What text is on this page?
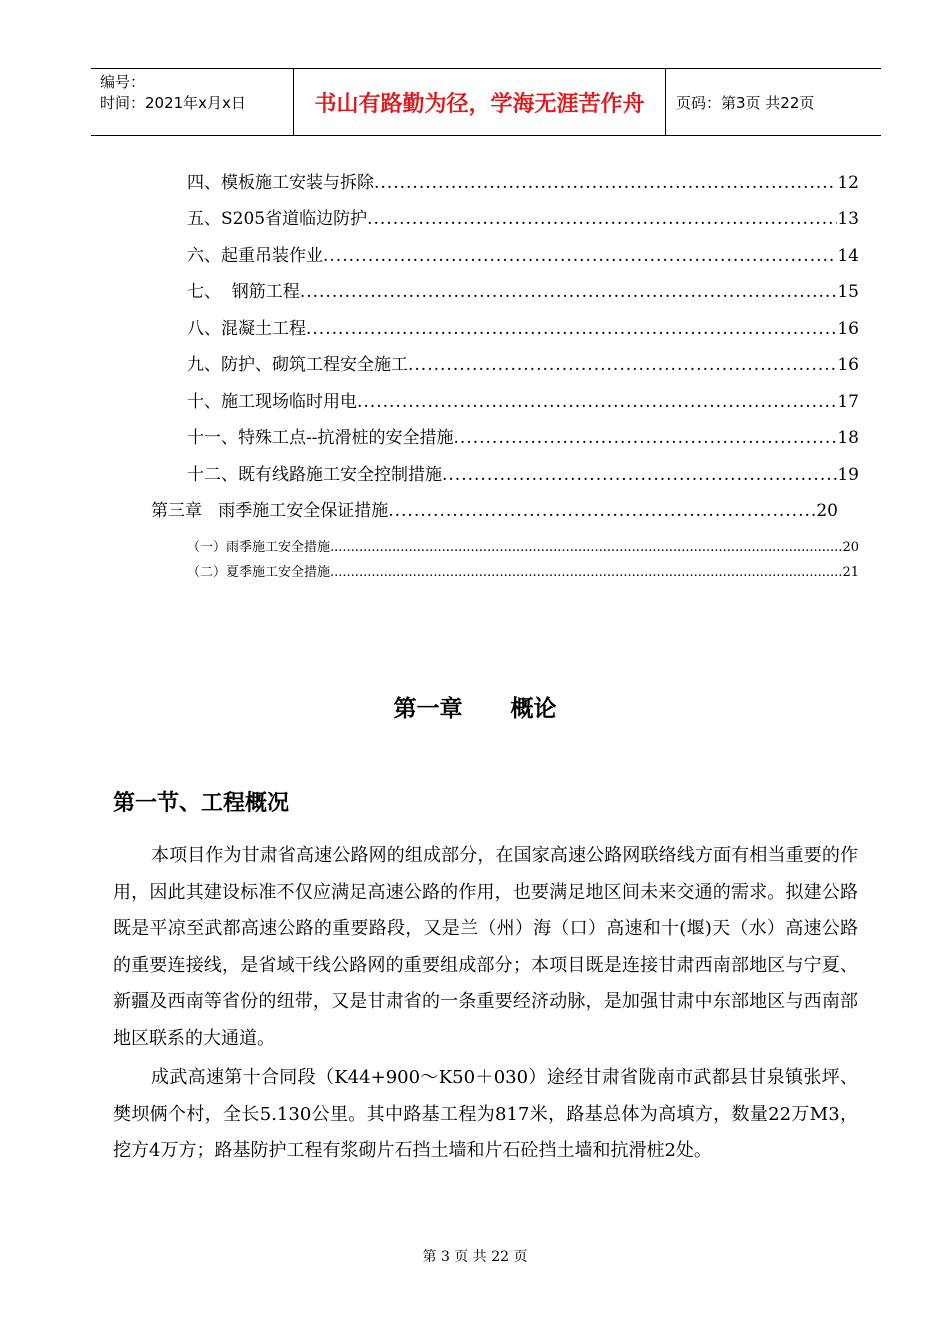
编号：
时间：2021年x月x日	书山有路勤为径，学海无涯苦作舟 页码：第3页 共22页
四、模板施工安装与拆除 .....	12
五、S205省道临边防护 .....	13
六、起重吊装作业 .....	14
七、  钢筋工程 .....	15
八、混凝土工程 .....	16
九、防护、砌筑工程安全施工 .....	16
十、施工现场临时用电 .....	17
十一、特殊工点--抗滑桩的安全措施 .....	18
十二、既有线路施工安全控制措施 .....	19
第三章   雨季施工安全保证措施 .....	20
（一）雨季施工安全措施 .....	20
（二）夏季施工安全措施 .....	21
第一章      概论
第一节、工程概况

本项目作为甘肃省高速公路网的组成部分，在国家高速公路网联络线方面有相当重要的作用，因此其建设标准不仅应满足高速公路的作用，也要满足地区间未来交通的需求。拟建公路既是平凉至武都高速公路的重要路段，又是兰（州）海（口）高速和十(堰)天（水）高速公路的重要连接线，是省域干线公路网的重要组成部分；本项目既是连接甘肃西南部地区与宁夏、新疆及西南等省份的纽带，又是甘肃省的一条重要经济动脉，是加强甘肃中东部地区与西南部地区联系的大通道。

成武高速第十合同段（K44+900～K50＋030）途经甘肃省陇南市武都县甘泉镇张坪、樊坝俩个村，全长5.130公里。其中路基工程为817米，路基总体为高填方，数量22万M3，挖方4万方；路基防护工程有浆砌片石挡土墙和片石砼挡土墙和抗滑桩2处。

第 3 页 共 22 页
